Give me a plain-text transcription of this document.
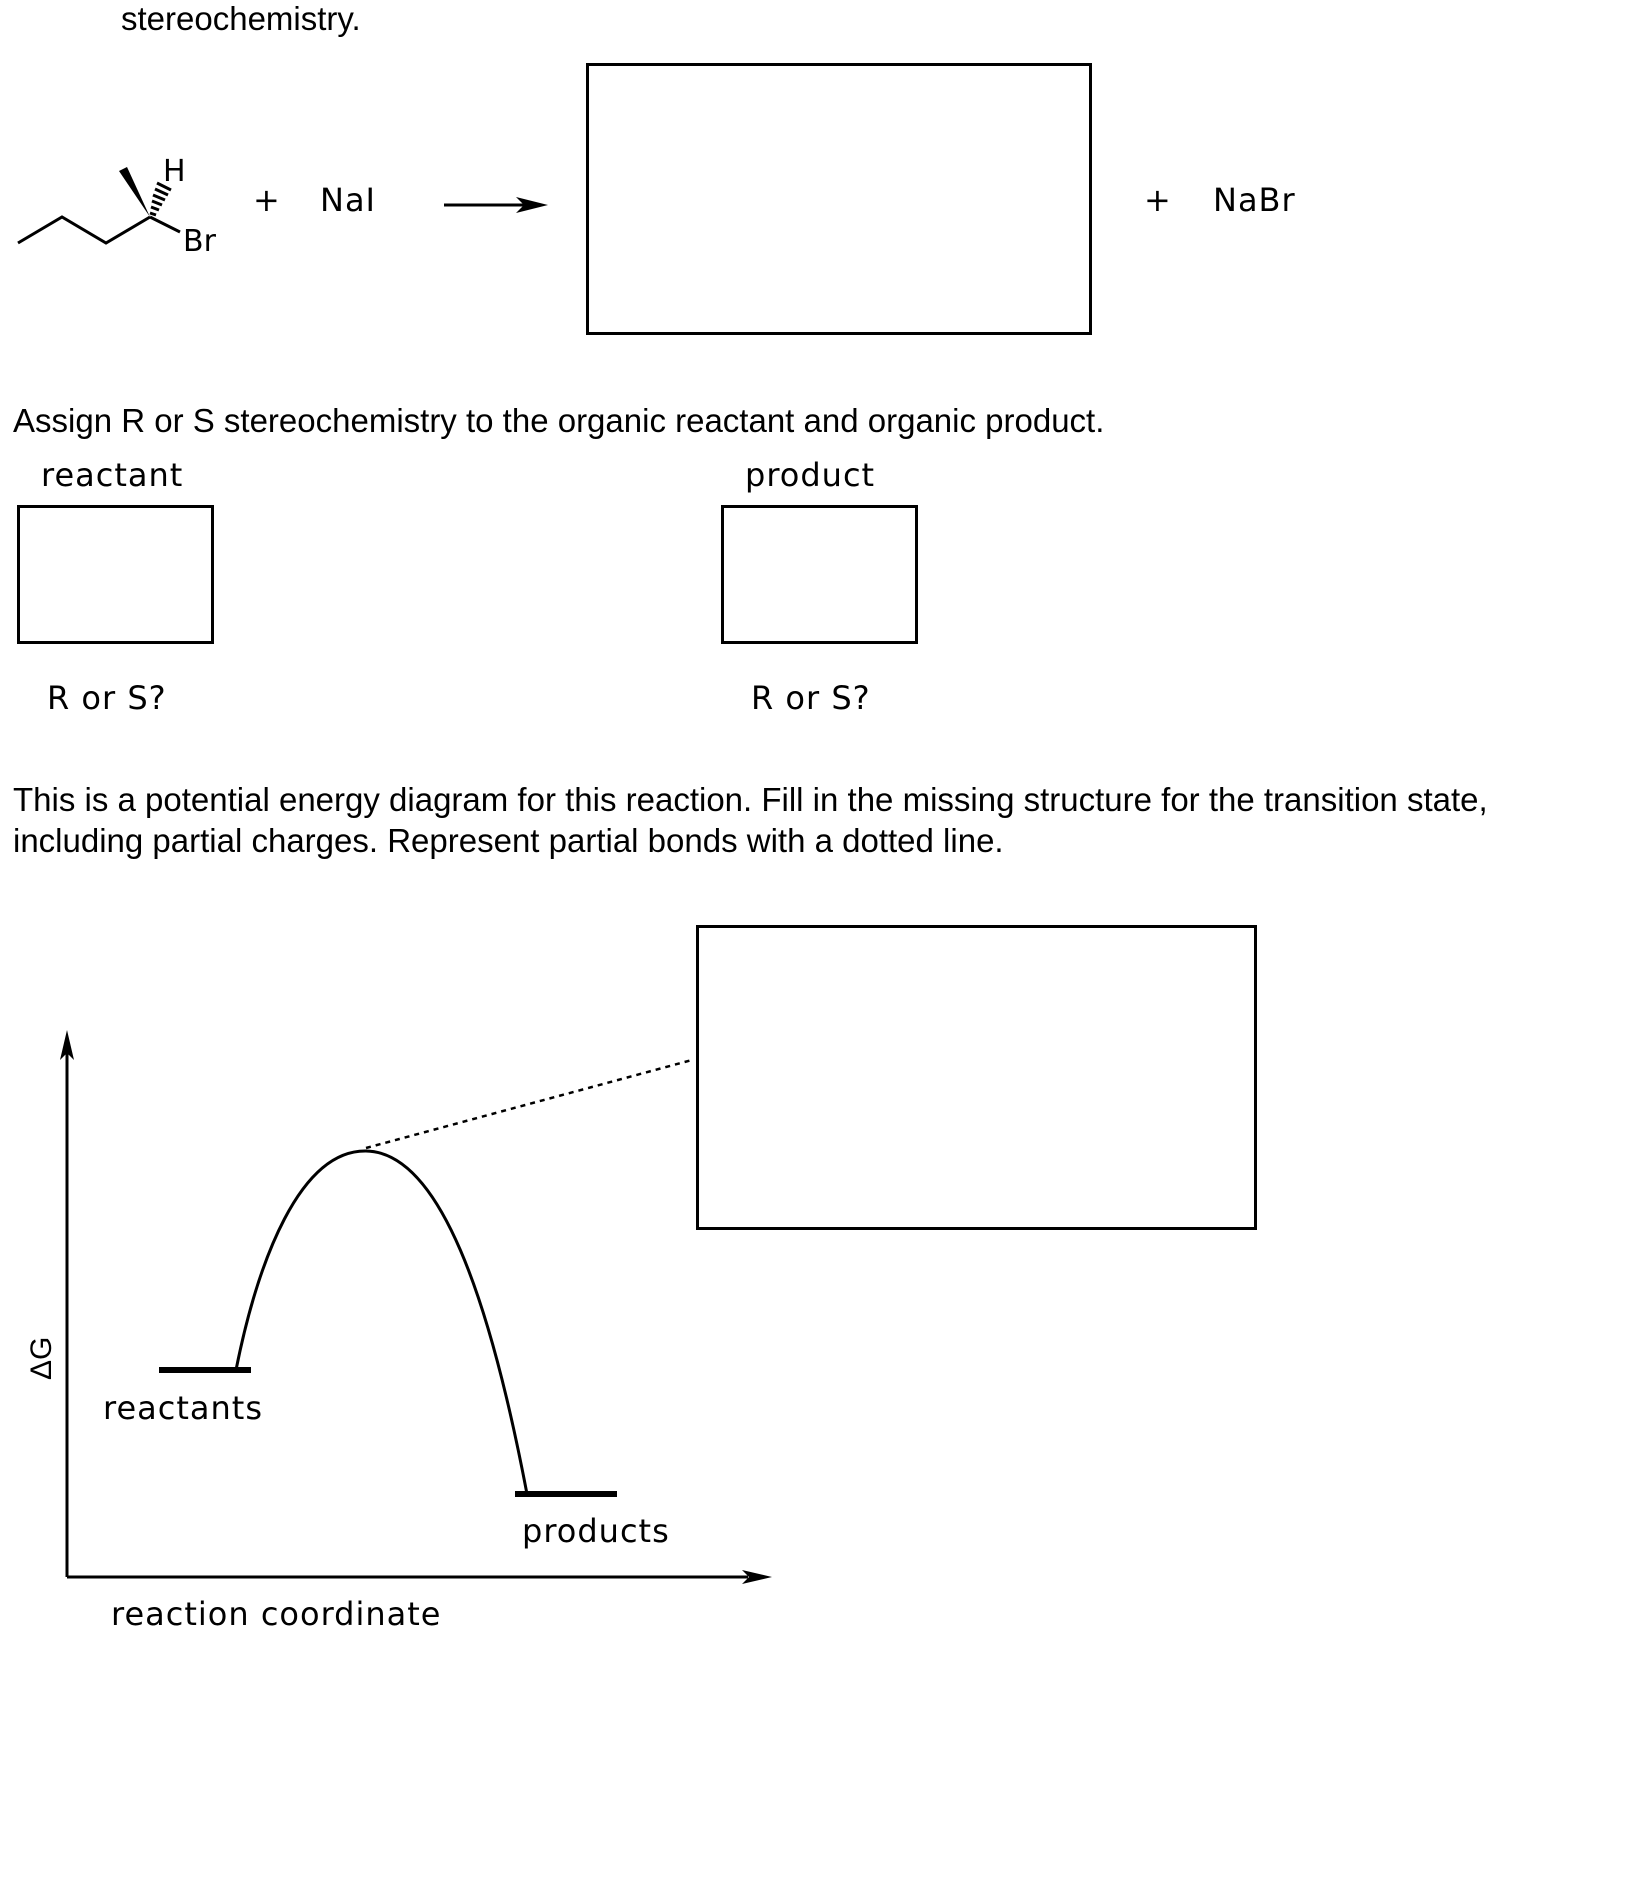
stereochemistry.
H
Br
+ NaI	+ NaBr
Assign R or S stereochemistry to the organic reactant and organic product.
reactant
R or S?
product
R or S?
This is a potential energy diagram for this reaction. Fill in the missing structure for the transition state,
including partial charges. Represent partial bonds with a dotted line.
ΔG
reactants
products
reaction coordinate
